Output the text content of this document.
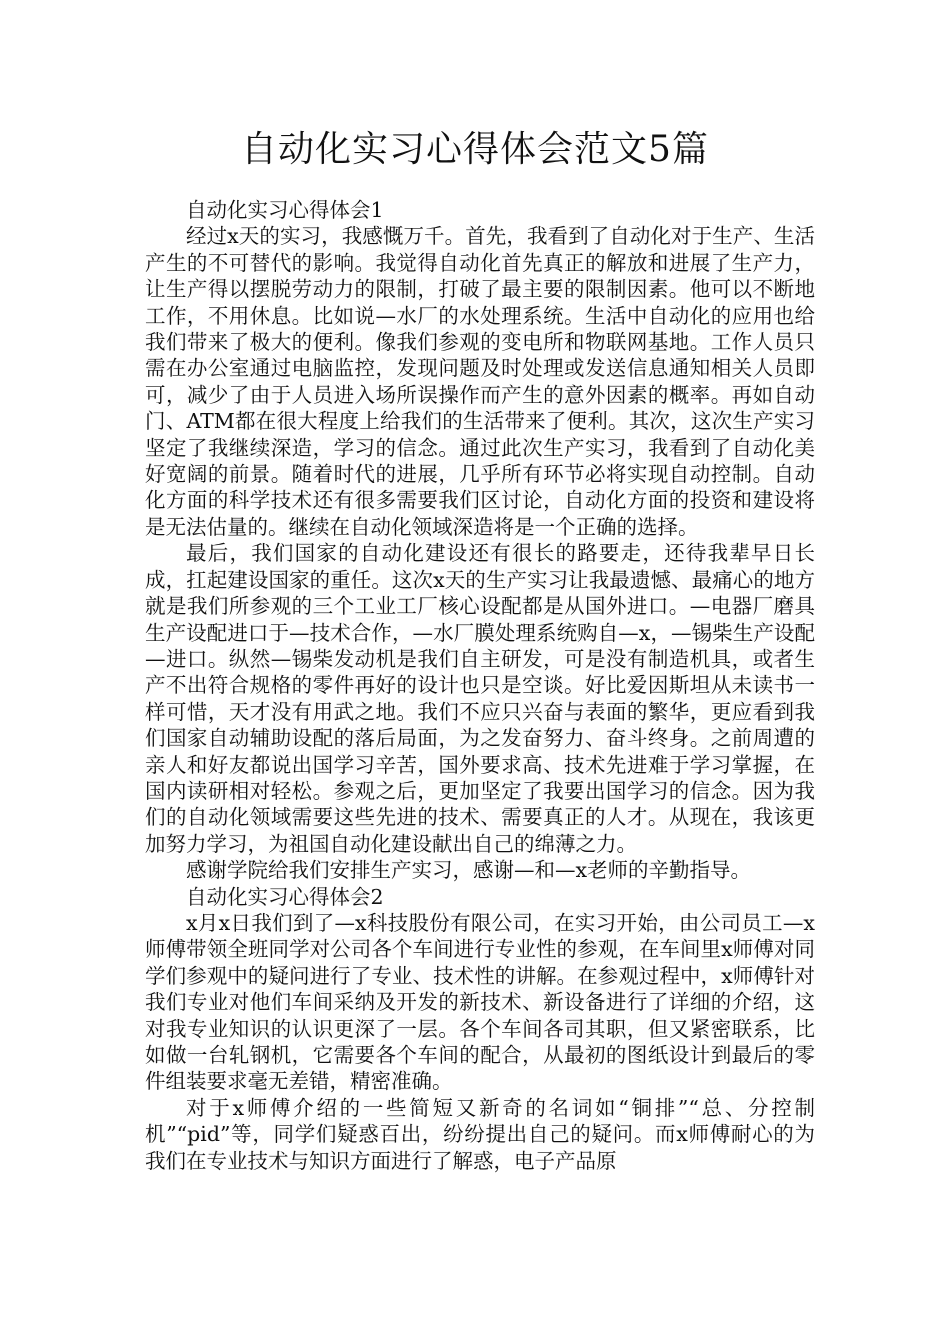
自动化实习心得体会范文5篇

自动化实习心得体会1

经过x天的实习，我感慨万千。首先，我看到了自动化对于生产、生活产生的不可替代的影响。我觉得自动化首先真正的解放和进展了生产力，让生产得以摆脱劳动力的限制，打破了最主要的限制因素。他可以不断地工作，不用休息。比如说—水厂的水处理系统。生活中自动化的应用也给我们带来了极大的便利。像我们参观的变电所和物联网基地。工作人员只需在办公室通过电脑监控，发现问题及时处理或发送信息通知相关人员即可，减少了由于人员进入场所误操作而产生的意外因素的概率。再如自动门、ATM都在很大程度上给我们的生活带来了便利。其次，这次生产实习坚定了我继续深造，学习的信念。通过此次生产实习，我看到了自动化美好宽阔的前景。随着时代的进展，几乎所有环节必将实现自动控制。自动化方面的科学技术还有很多需要我们区讨论，自动化方面的投资和建设将是无法估量的。继续在自动化领域深造将是一个正确的选择。

最后，我们国家的自动化建设还有很长的路要走，还待我辈早日长成，扛起建设国家的重任。这次x天的生产实习让我最遗憾、最痛心的地方就是我们所参观的三个工业工厂核心设配都是从国外进口。—电器厂磨具生产设配进口于—技术合作，—水厂膜处理系统购自—x，—锡柴生产设配—进口。纵然—锡柴发动机是我们自主研发，可是没有制造机具，或者生产不出符合规格的零件再好的设计也只是空谈。好比爱因斯坦从未读书一样可惜，天才没有用武之地。我们不应只兴奋与表面的繁华，更应看到我们国家自动辅助设配的落后局面，为之发奋努力、奋斗终身。之前周遭的亲人和好友都说出国学习辛苦，国外要求高、技术先进难于学习掌握，在国内读研相对轻松。参观之后，更加坚定了我要出国学习的信念。因为我们的自动化领域需要这些先进的技术、需要真正的人才。从现在，我该更加努力学习，为祖国自动化建设献出自己的绵薄之力。

感谢学院给我们安排生产实习，感谢—和—x老师的辛勤指导。

自动化实习心得体会2

x月x日我们到了—x科技股份有限公司，在实习开始，由公司员工—x师傅带领全班同学对公司各个车间进行专业性的参观，在车间里x师傅对同学们参观中的疑问进行了专业、技术性的讲解。在参观过程中，x师傅针对我们专业对他们车间采纳及开发的新技术、新设备进行了详细的介绍，这对我专业知识的认识更深了一层。各个车间各司其职，但又紧密联系，比如做一台轧钢机，它需要各个车间的配合，从最初的图纸设计到最后的零件组装要求毫无差错，精密准确。

对于x师傅介绍的一些简短又新奇的名词如“铜排”“总、分控制机”“pid”等，同学们疑惑百出，纷纷提出自己的疑问。而x师傅耐心的为我们在专业技术与知识方面进行了解惑，电子产品原
